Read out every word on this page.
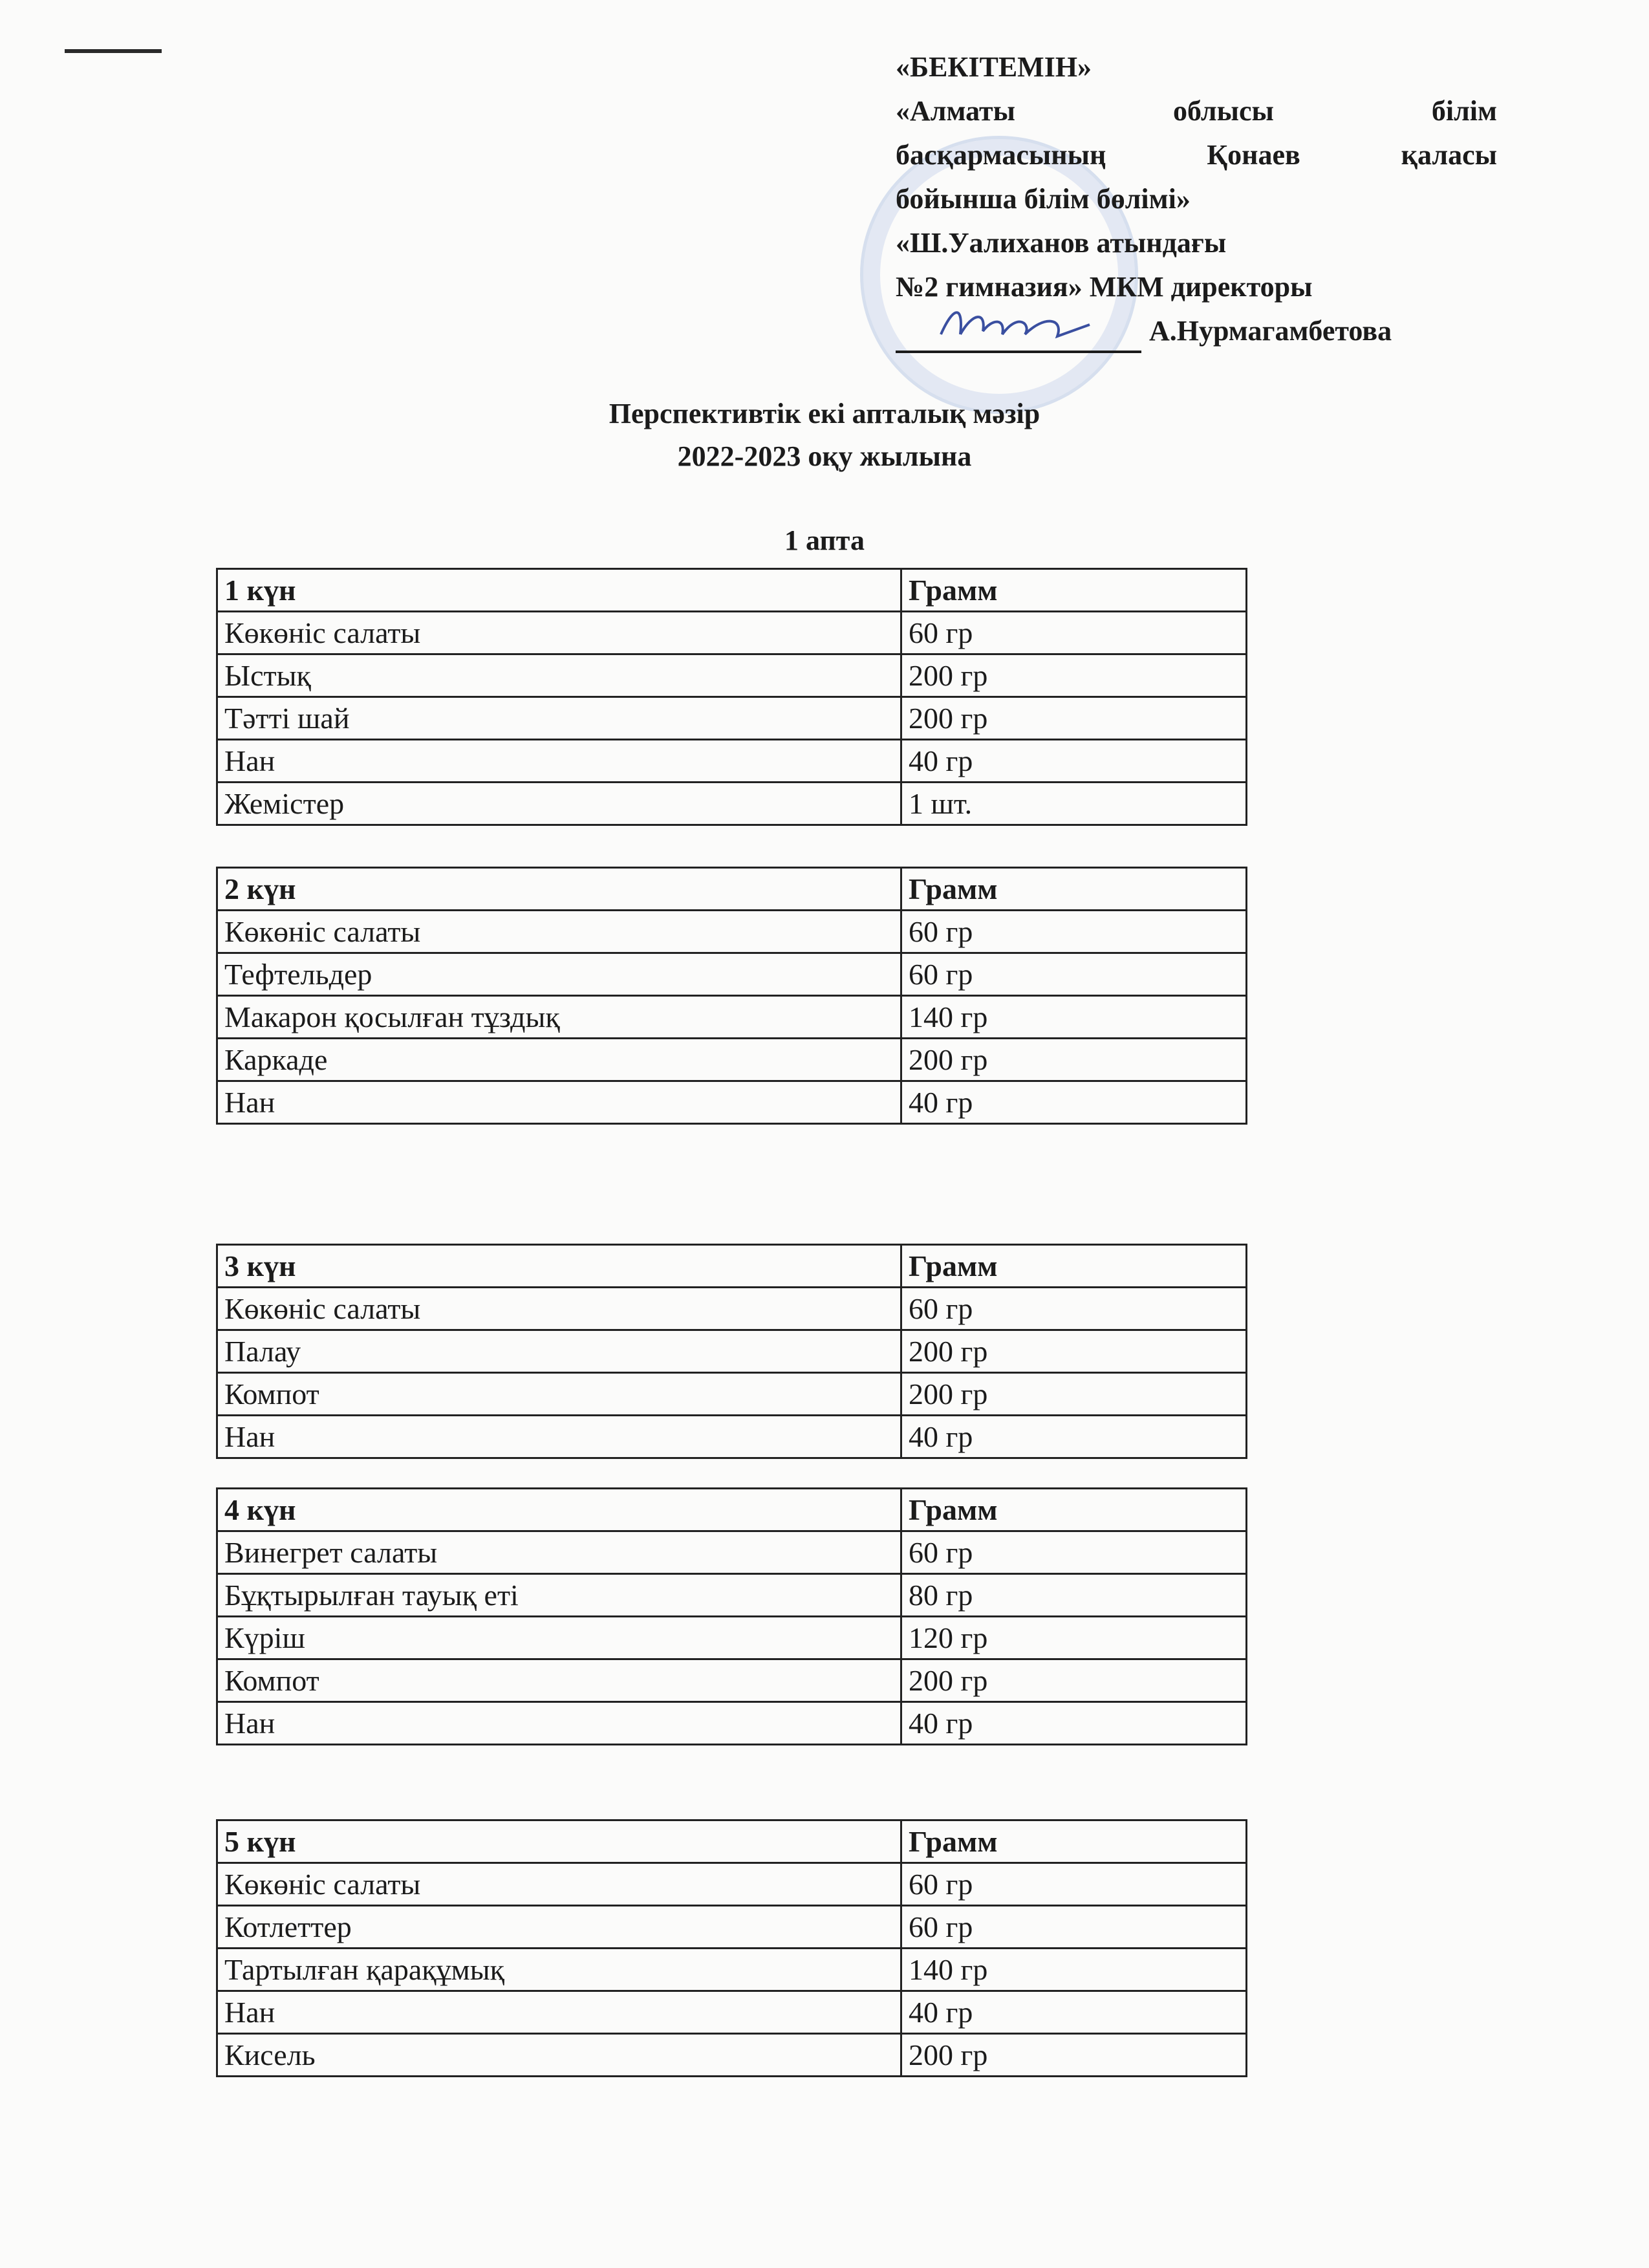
«БЕКІТЕМІН»
«Алматы облысы білім
басқармасының Қонаев қаласы
бойынша білім бөлімі»
«Ш.Уалиханов атындағы
№2 гимназия» МКМ директоры
А.Нурмагамбетова
Перспективтік екі апталық мәзір
2022-2023 оқу жылына
1 апта
1 күн	Грамм
Көкөніс салаты	60 гр
Ыстық	200 гр
Тәтті шай	200 гр
Нан	40 гр
Жемістер	1 шт.
2 күн	Грамм
Көкөніс салаты	60 гр
Тефтельдер	60 гр
Макарон қосылған тұздық	140 гр
Каркаде	200 гр
Нан	40 гр
3 күн	Грамм
Көкөніс салаты	60 гр
Палау	200 гр
Компот	200 гр
Нан	40 гр
4 күн	Грамм
Винегрет салаты	60 гр
Бұқтырылған тауық еті	80 гр
Күріш	120 гр
Компот	200 гр
Нан	40 гр
5 күн	Грамм
Көкөніс салаты	60 гр
Котлеттер	60 гр
Тартылған қарақұмық	140 гр
Нан	40 гр
Кисель	200 гр
